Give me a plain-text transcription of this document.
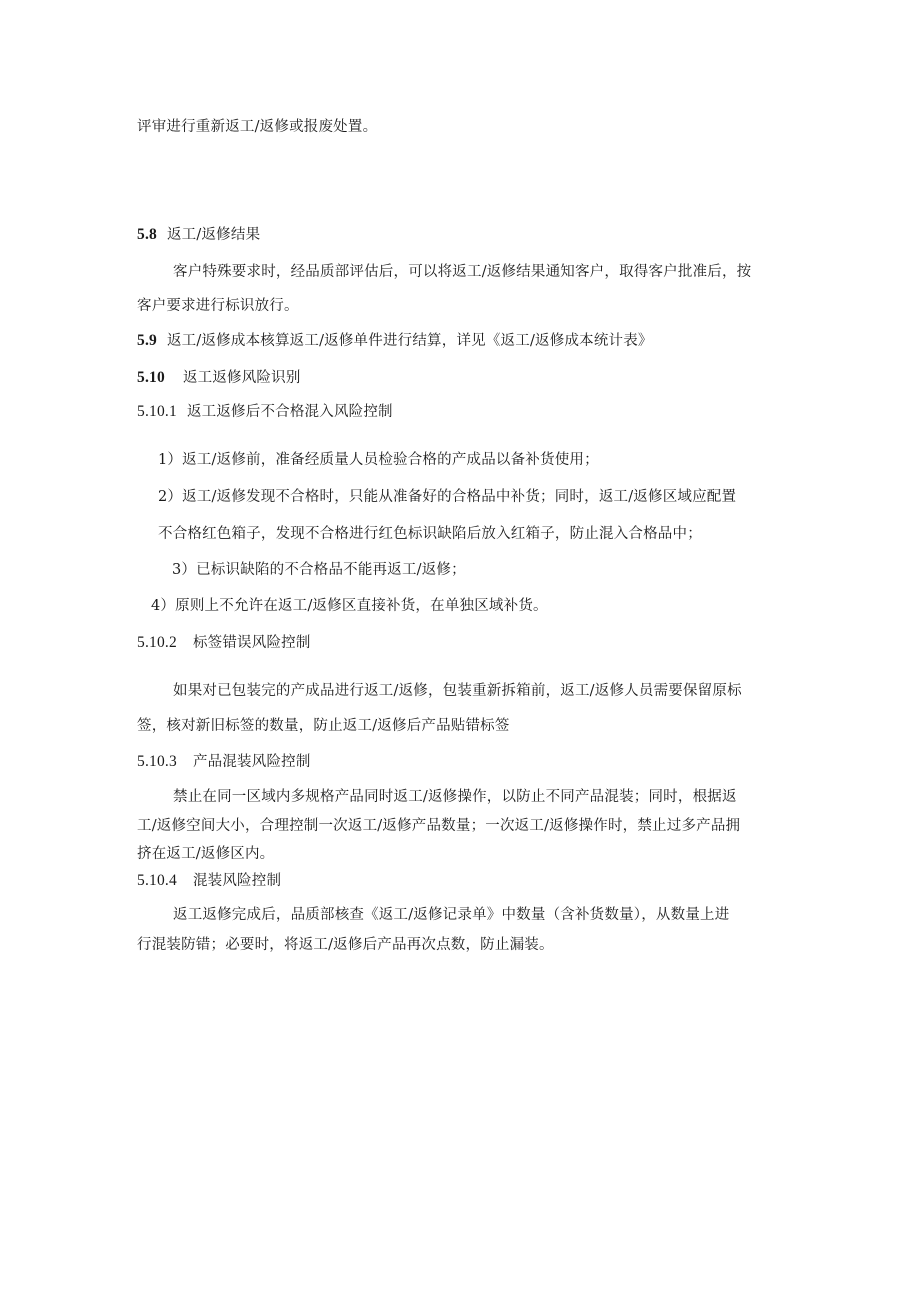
评审进行重新返工/返修或报废处置。
5.8 返工/返修结果
客户特殊要求时，经品质部评估后，可以将返工/返修结果通知客户，取得客户批准后，按
客户要求进行标识放行。
5.9 返工/返修成本核算返工/返修单件进行结算，详见《返工/返修成本统计表》
5.10 返工返修风险识别
5.10.1 返工返修后不合格混入风险控制
1）返工/返修前，准备经质量人员检验合格的产成品以备补货使用；
2）返工/返修发现不合格时，只能从准备好的合格品中补货；同时，返工/返修区域应配置
不合格红色箱子，发现不合格进行红色标识缺陷后放入红箱子，防止混入合格品中；
3）已标识缺陷的不合格品不能再返工/返修；
4）原则上不允许在返工/返修区直接补货，在单独区域补货。
5.10.2 标签错误风险控制
如果对已包装完的产成品进行返工/返修，包装重新拆箱前，返工/返修人员需要保留原标
签，核对新旧标签的数量，防止返工/返修后产品贴错标签
5.10.3 产品混装风险控制
禁止在同一区域内多规格产品同时返工/返修操作，以防止不同产品混装；同时，根据返
工/返修空间大小，合理控制一次返工/返修产品数量；一次返工/返修操作时，禁止过多产品拥
挤在返工/返修区内。
5.10.4 混装风险控制
返工返修完成后，品质部核查《返工/返修记录单》中数量（含补货数量），从数量上进
行混装防错；必要时，将返工/返修后产品再次点数，防止漏装。
